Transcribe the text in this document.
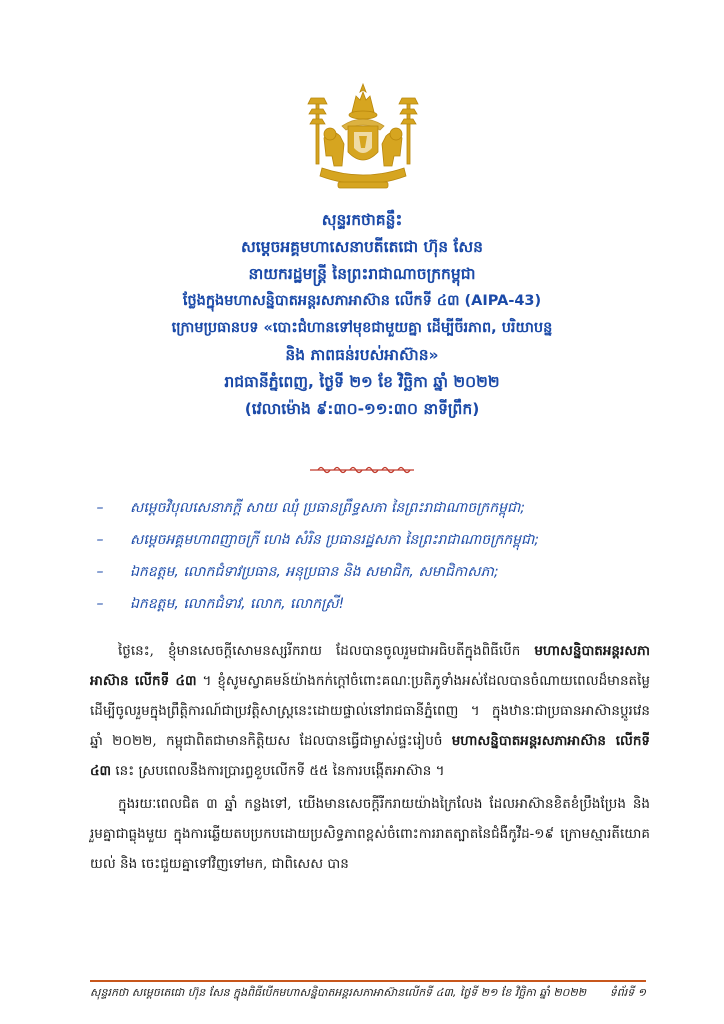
សុន្ទរកថាគន្លឹះ
សម្តេចអគ្គមហាសេនាបតីតេជោ ហ៊ុន សែន
នាយករដ្ឋមន្ត្រី នៃព្រះរាជាណាចក្រកម្ពុជា
ថ្លែងក្នុងមហាសន្និបាតអន្តរសភាអាស៊ាន លើកទី ៤៣ (AIPA-43)
ក្រោមប្រធានបទ «បោះជំហានទៅមុខជាមួយគ្នា ដើម្បីចីរភាព, បរិយាបន្ន
និង ភាពធន់របស់អាស៊ាន»
រាជធានីភ្នំពេញ, ថ្ងៃទី ២១ ខែ វិច្ឆិកា ឆ្នាំ ២០២២
(វេលាម៉ោង ៩:៣០-១១:៣០ នាទីព្រឹក)
–	សម្តេចវិបុលសេនាភក្តី សាយ ឈុំ ប្រធានព្រឹទ្ធសភា នៃព្រះរាជាណាចក្រកម្ពុជា;
–	សម្តេចអគ្គមហាពញាចក្រី ហេង សំរិន ប្រធានរដ្ឋសភា នៃព្រះរាជាណាចក្រកម្ពុជា;
–	ឯកឧត្តម, លោកជំទាវប្រធាន, អនុប្រធាន និង សមាជិក, សមាជិកាសភា;
–	ឯកឧត្តម, លោកជំទាវ, លោក, លោកស្រី!

ថ្ងៃនេះ, ខ្ញុំមានសេចក្តីសោមនស្សរីករាយ ដែលបានចូលរួមជាអធិបតីក្នុងពិធីបើក មហាសន្និបាតអន្តរសភាអាស៊ាន លើកទី ៤៣ ។ ខ្ញុំសូមស្វាគមន៍យ៉ាងកក់ក្តៅចំពោះគណៈប្រតិភូទាំងអស់ដែលបានចំណាយពេលដ៏មានតម្លៃ ដើម្បីចូលរួមក្នុងព្រឹត្តិការណ៍ជាប្រវត្តិសាស្ត្រនេះដោយផ្ទាល់នៅរាជធានីភ្នំពេញ ។ ក្នុងឋានៈជាប្រធានអាស៊ានប្តូរវេន ឆ្នាំ ២០២២, កម្ពុជាពិតជាមានកិត្តិយស ដែលបានធ្វើជាម្ចាស់ផ្ទះរៀបចំ មហាសន្និបាតអន្តរសភាអាស៊ាន លើកទី ៤៣ នេះ ស្របពេលនឹងការប្រារព្ធខួបលើកទី ៥៥ នៃការបង្កើតអាស៊ាន ។

ក្នុងរយៈពេលជិត ៣ ឆ្នាំ កន្លងទៅ, យើងមានសេចក្តីរីករាយយ៉ាងក្រៃលែង ដែលអាស៊ានខិតខំប្រឹងប្រែង និង រួមគ្នាជាធ្លុងមួយ ក្នុងការឆ្លើយតបប្រកបដោយប្រសិទ្ធភាពខ្ពស់ចំពោះការរាតត្បាតនៃជំងឺកូវីដ-១៩ ក្រោមស្មារតីយោគយល់ និង ចេះជួយគ្នាទៅវិញទៅមក, ជាពិសេស បាន

សុន្ទរកថា សម្តេចតេជោ ហ៊ុន សែន ក្នុងពិធីបើកមហាសន្និបាតអន្តរសភាអាស៊ានលើកទី ៤៣, ថ្ងៃទី ២១ ខែ វិច្ឆិកា ឆ្នាំ ២០២២ ទំព័រទី ១
